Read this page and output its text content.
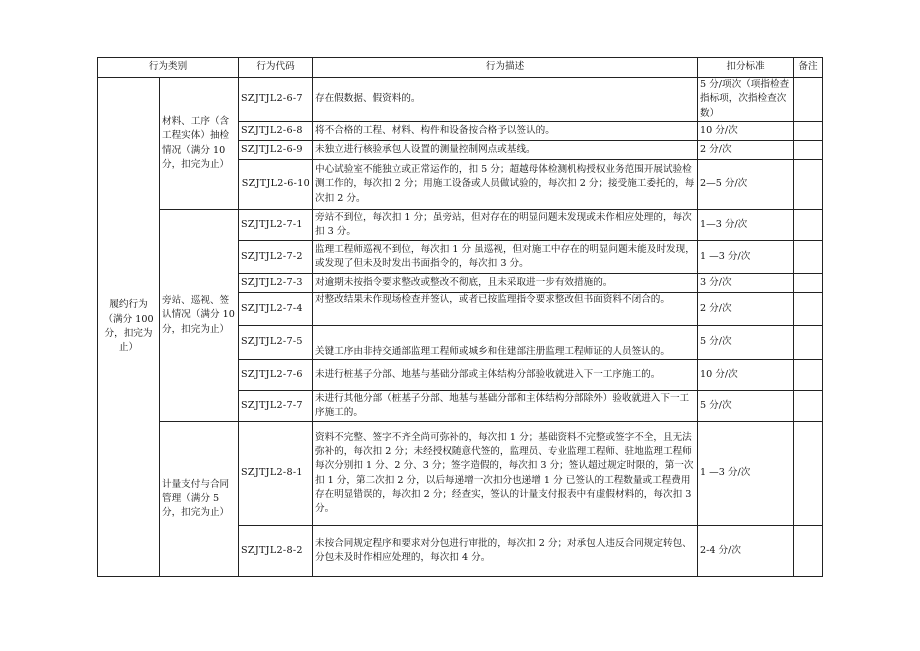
行为类别		行为代码	行为描述	扣分标准	备注
履约行为（满分 100 分，扣完为止）	材料、工序（含工程实体）抽检情况（满分 10 分，扣完为止）	SZJTJL2-6-7	存在假数据、假资料的。	5 分/项次（项指检查指标项，次指检查次数）	
		SZJTJL2-6-8	将不合格的工程、材料、构件和设备按合格予以签认的。	10 分/次	
		SZJTJL2-6-9	未独立进行核验承包人设置的测量控制网点或基线。	2 分/次	
		SZJTJL2-6-10	中心试验室不能独立或正常运作的，扣 5 分；超越母体检测机构授权业务范围开展试验检测工作的，每次扣 2 分；用施工设备或人员做试验的，每次扣 2 分；接受施工委托的，每次扣 2 分。	2—5 分/次	
	旁站、巡视、签认情况（满分 10 分，扣完为止）	SZJTJL2-7-1	旁站不到位，每次扣 1 分；虽旁站，但对存在的明显问题未发现或未作相应处理的，每次扣 3 分。	1—3 分/次	
		SZJTJL2-7-2	监理工程师巡视不到位，每次扣 1 分 虽巡视，但对施工中存在的明显问题未能及时发现，或发现了但未及时发出书面指令的，每次扣 3 分。	1 —3 分/次	
		SZJTJL2-7-3	对逾期未按指令要求整改或整改不彻底，且未采取进一步有效措施的。	3 分/次	
		SZJTJL2-7-4	对整改结果未作现场检查并签认，或者已按监理指令要求整改但书面资料不闭合的。	2 分/次	
		SZJTJL2-7-5	关键工序由非持交通部监理工程师或城乡和住建部注册监理工程师证的人员签认的。	5 分/次	
		SZJTJL2-7-6	未进行桩基子分部、地基与基础分部或主体结构分部验收就进入下一工序施工的。	10 分/次	
		SZJTJL2-7-7	未进行其他分部（桩基子分部、地基与基础分部和主体结构分部除外）验收就进入下一工序施工的。	5 分/次	
	计量支付与合同管理（满分 5 分，扣完为止）	SZJTJL2-8-1	资料不完整、签字不齐全尚可弥补的，每次扣 1 分；基础资料不完整或签字不全，且无法弥补的，每次扣 2 分；未经授权随意代签的，监理员、专业监理工程师、驻地监理工程师每次分别扣 1 分、2 分、3 分；签字造假的，每次扣 3 分；签认超过规定时限的，第一次扣 1 分，第二次扣 2 分，以后每递增一次扣分也递增 1 分 已签认的工程数量或工程费用存在明显错误的，每次扣 2 分；经查实，签认的计量支付报表中有虚假材料的，每次扣 3 分。	1 —3 分/次	
		SZJTJL2-8-2	未按合同规定程序和要求对分包进行审批的，每次扣 2 分；对承包人违反合同规定转包、分包未及时作相应处理的，每次扣 4 分。	2-4 分/次	
